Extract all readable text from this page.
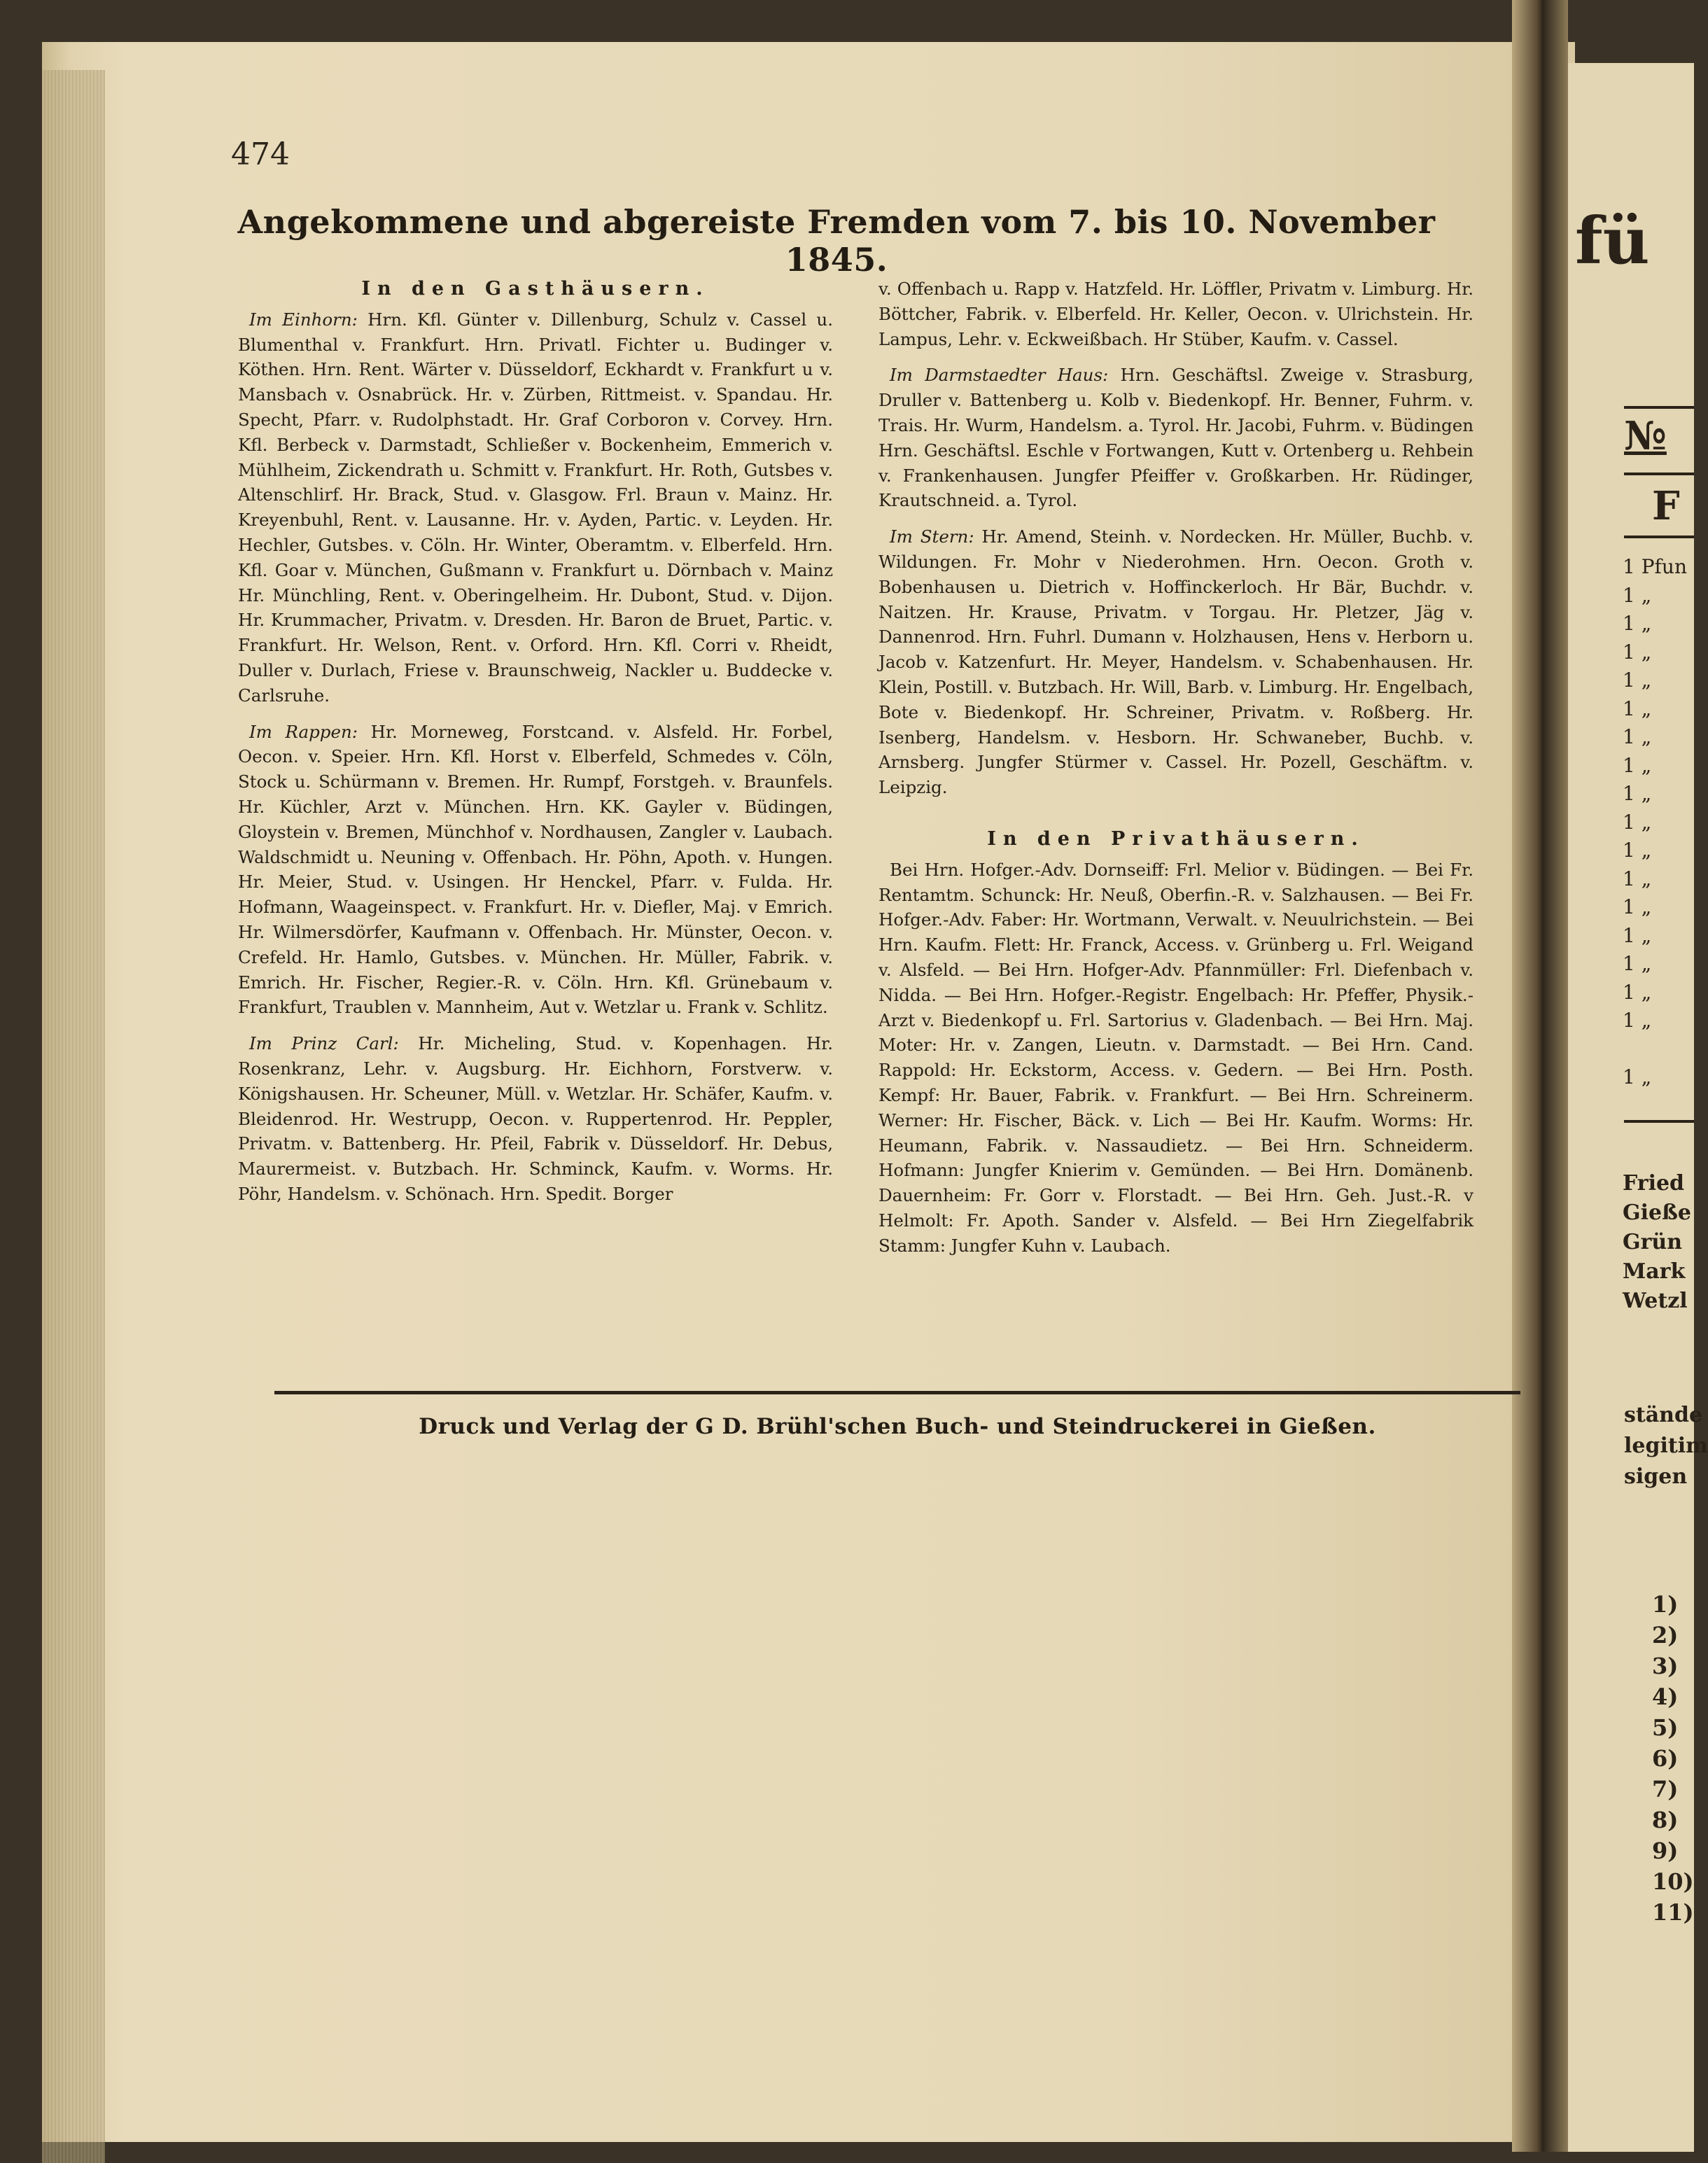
474
Angekommene und abgereiste Fremden vom 7. bis 10. November 1845.
In den Gasthäusern.
Im Einhorn: Hrn. Kfl. Günter v. Dillenburg, Schulz v. Cassel u. Blumenthal v. Frankfurt. Hrn. Privatl. Fichter u. Budinger v. Köthen. Hrn. Rent. Wärter v. Düsseldorf, Eckhardt v. Frankfurt u v. Mansbach v. Osnabrück. Hr. v. Zürben, Rittmeist. v. Spandau. Hr. Specht, Pfarr. v. Rudolphstadt. Hr. Graf Corboron v. Corvey. Hrn. Kfl. Berbeck v. Darmstadt, Schließer v. Bockenheim, Emmerich v. Mühlheim, Zickendrath u. Schmitt v. Frankfurt. Hr. Roth, Gutsbes v. Altenschlirf. Hr. Brack, Stud. v. Glasgow. Frl. Braun v. Mainz. Hr. Kreyenbuhl, Rent. v. Lausanne. Hr. v. Ayden, Partic. v. Leyden. Hr. Hechler, Gutsbes. v. Cöln. Hr. Winter, Oberamtm. v. Elberfeld. Hrn. Kfl. Goar v. München, Gußmann v. Frankfurt u. Dörnbach v. Mainz Hr. Münchling, Rent. v. Oberingelheim. Hr. Dubont, Stud. v. Dijon. Hr. Krummacher, Privatm. v. Dresden. Hr. Baron de Bruet, Partic. v. Frankfurt. Hr. Welson, Rent. v. Orford. Hrn. Kfl. Corri v. Rheidt, Duller v. Durlach, Friese v. Braunschweig, Nackler u. Buddecke v. Carlsruhe.
Im Rappen: Hr. Morneweg, Forstcand. v. Alsfeld. Hr. Forbel, Oecon. v. Speier. Hrn. Kfl. Horst v. Elberfeld, Schmedes v. Cöln, Stock u. Schürmann v. Bremen. Hr. Rumpf, Forstgeh. v. Braunfels. Hr. Küchler, Arzt v. München. Hrn. KK. Gayler v. Büdingen, Gloystein v. Bremen, Münchhof v. Nordhausen, Zangler v. Laubach. Waldschmidt u. Neuning v. Offenbach. Hr. Pöhn, Apoth. v. Hungen. Hr. Meier, Stud. v. Usingen. Hr Henckel, Pfarr. v. Fulda. Hr. Hofmann, Waageinspect. v. Frankfurt. Hr. v. Diefler, Maj. v Emrich. Hr. Wilmersdörfer, Kaufmann v. Offenbach. Hr. Münster, Oecon. v. Crefeld. Hr. Hamlo, Gutsbes. v. München. Hr. Müller, Fabrik. v. Emrich. Hr. Fischer, Regier.-R. v. Cöln. Hrn. Kfl. Grünebaum v. Frankfurt, Traublen v. Mannheim, Aut v. Wetzlar u. Frank v. Schlitz.
Im Prinz Carl: Hr. Micheling, Stud. v. Kopenhagen. Hr. Rosenkranz, Lehr. v. Augsburg. Hr. Eichhorn, Forstverw. v. Königshausen. Hr. Scheuner, Müll. v. Wetzlar. Hr. Schäfer, Kaufm. v. Bleidenrod. Hr. Westrupp, Oecon. v. Ruppertenrod. Hr. Peppler, Privatm. v. Battenberg. Hr. Pfeil, Fabrik v. Düsseldorf. Hr. Debus, Maurermeist. v. Butzbach. Hr. Schminck, Kaufm. v. Worms. Hr. Pöhr, Handelsm. v. Schönach. Hrn. Spedit. Borger
v. Offenbach u. Rapp v. Hatzfeld. Hr. Löffler, Privatm v. Limburg. Hr. Böttcher, Fabrik. v. Elberfeld. Hr. Keller, Oecon. v. Ulrichstein. Hr. Lampus, Lehr. v. Eckweißbach. Hr Stüber, Kaufm. v. Cassel.
Im Darmstaedter Haus: Hrn. Geschäftsl. Zweige v. Strasburg, Druller v. Battenberg u. Kolb v. Biedenkopf. Hr. Benner, Fuhrm. v. Trais. Hr. Wurm, Handelsm. a. Tyrol. Hr. Jacobi, Fuhrm. v. Büdingen Hrn. Geschäftsl. Eschle v Fortwangen, Kutt v. Ortenberg u. Rehbein v. Frankenhausen. Jungfer Pfeiffer v. Großkarben. Hr. Rüdinger, Krautschneid. a. Tyrol.
Im Stern: Hr. Amend, Steinh. v. Nordecken. Hr. Müller, Buchb. v. Wildungen. Fr. Mohr v Niederohmen. Hrn. Oecon. Groth v. Bobenhausen u. Dietrich v. Hoffinckerloch. Hr Bär, Buchdr. v. Naitzen. Hr. Krause, Privatm. v Torgau. Hr. Pletzer, Jäg v. Dannenrod. Hrn. Fuhrl. Dumann v. Holzhausen, Hens v. Herborn u. Jacob v. Katzenfurt. Hr. Meyer, Handelsm. v. Schabenhausen. Hr. Klein, Postill. v. Butzbach. Hr. Will, Barb. v. Limburg. Hr. Engelbach, Bote v. Biedenkopf. Hr. Schreiner, Privatm. v. Roßberg. Hr. Isenberg, Handelsm. v. Hesborn. Hr. Schwaneber, Buchb. v. Arnsberg. Jungfer Stürmer v. Cassel. Hr. Pozell, Geschäftm. v. Leipzig.
In den Privathäusern.
Bei Hrn. Hofger.-Adv. Dornseiff: Frl. Melior v. Büdingen. — Bei Fr. Rentamtm. Schunck: Hr. Neuß, Oberfin.-R. v. Salzhausen. — Bei Fr. Hofger.-Adv. Faber: Hr. Wortmann, Verwalt. v. Neuulrichstein. — Bei Hrn. Kaufm. Flett: Hr. Franck, Access. v. Grünberg u. Frl. Weigand v. Alsfeld. — Bei Hrn. Hofger-Adv. Pfannmüller: Frl. Diefenbach v. Nidda. — Bei Hrn. Hofger.-Registr. Engelbach: Hr. Pfeffer, Physik.-Arzt v. Biedenkopf u. Frl. Sartorius v. Gladenbach. — Bei Hrn. Maj. Moter: Hr. v. Zangen, Lieutn. v. Darmstadt. — Bei Hrn. Cand. Rappold: Hr. Eckstorm, Access. v. Gedern. — Bei Hrn. Posth. Kempf: Hr. Bauer, Fabrik. v. Frankfurt. — Bei Hrn. Schreinerm. Werner: Hr. Fischer, Bäck. v. Lich — Bei Hr. Kaufm. Worms: Hr. Heumann, Fabrik. v. Nassaudietz. — Bei Hrn. Schneiderm. Hofmann: Jungfer Knierim v. Gemünden. — Bei Hrn. Domänenb. Dauernheim: Fr. Gorr v. Florstadt. — Bei Hrn. Geh. Just.-R. v Helmolt: Fr. Apoth. Sander v. Alsfeld. — Bei Hrn Ziegelfabrik Stamm: Jungfer Kuhn v. Laubach.
Druck und Verlag der G D. Brühl'schen Buch- und Steindruckerei in Gießen.
fü
№
F
1 Pfun
1 „
1 „
1 „
1 „
1 „
1 „
1 „
1 „
1 „
1 „
1 „
1 „
1 „
1 „
1 „
1 „
1 „
Fried
Gieße
Grün
Mark
Wetzl
stände
legitim
sigen
1)
2)
3)
4)
5)
6)
7)
8)
9)
10)
11)
